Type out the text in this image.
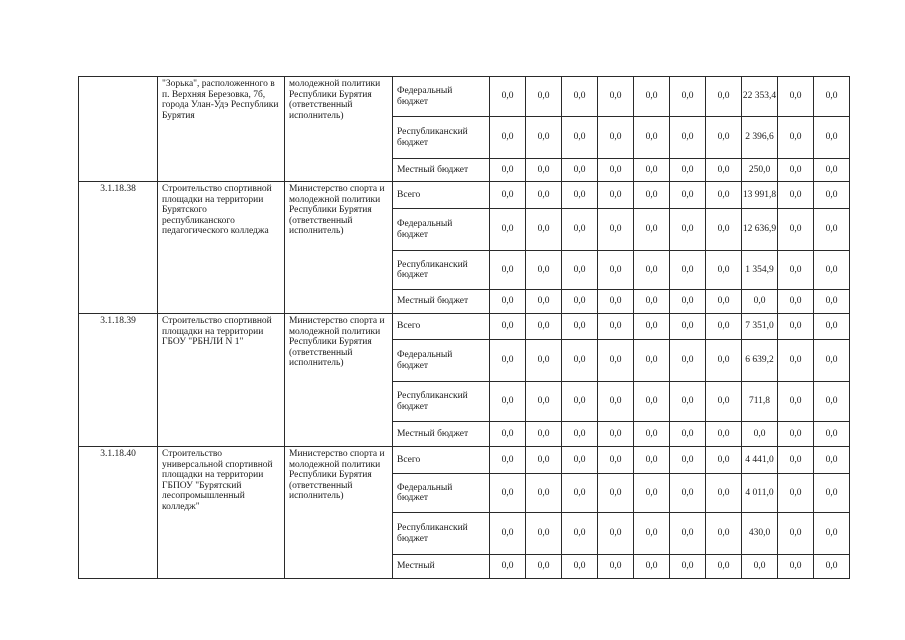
	"Зорька", расположенного в п. Верхняя Березовка, 7б, города Улан-Удэ Республики Бурятия	молодежной политики Республики Бурятия (ответственный исполнитель)	Федеральный бюджет	0,0	0,0	0,0	0,0	0,0	0,0	0,0	22 353,4	0,0	0,0
			Республиканский бюджет	0,0	0,0	0,0	0,0	0,0	0,0	0,0	2 396,6	0,0	0,0
			Местный бюджет	0,0	0,0	0,0	0,0	0,0	0,0	0,0	250,0	0,0	0,0
3.1.18.38	Строительство спортивной площадки на территории Бурятского республиканского педагогического колледжа	Министерство спорта и молодежной политики Республики Бурятия (ответственный исполнитель)	Всего	0,0	0,0	0,0	0,0	0,0	0,0	0,0	13 991,8	0,0	0,0
			Федеральный бюджет	0,0	0,0	0,0	0,0	0,0	0,0	0,0	12 636,9	0,0	0,0
			Республиканский бюджет	0,0	0,0	0,0	0,0	0,0	0,0	0,0	1 354,9	0,0	0,0
			Местный бюджет	0,0	0,0	0,0	0,0	0,0	0,0	0,0	0,0	0,0	0,0
3.1.18.39	Строительство спортивной площадки на территории ГБОУ "РБНЛИ N 1"	Министерство спорта и молодежной политики Республики Бурятия (ответственный исполнитель)	Всего	0,0	0,0	0,0	0,0	0,0	0,0	0,0	7 351,0	0,0	0,0
			Федеральный бюджет	0,0	0,0	0,0	0,0	0,0	0,0	0,0	6 639,2	0,0	0,0
			Республиканский бюджет	0,0	0,0	0,0	0,0	0,0	0,0	0,0	711,8	0,0	0,0
			Местный бюджет	0,0	0,0	0,0	0,0	0,0	0,0	0,0	0,0	0,0	0,0
3.1.18.40	Строительство универсальной спортивной площадки на территории ГБПОУ "Бурятский лесопромышленный колледж"	Министерство спорта и молодежной политики Республики Бурятия (ответственный исполнитель)	Всего	0,0	0,0	0,0	0,0	0,0	0,0	0,0	4 441,0	0,0	0,0
			Федеральный бюджет	0,0	0,0	0,0	0,0	0,0	0,0	0,0	4 011,0	0,0	0,0
			Республиканский бюджет	0,0	0,0	0,0	0,0	0,0	0,0	0,0	430,0	0,0	0,0
			Местный	0,0	0,0	0,0	0,0	0,0	0,0	0,0	0,0	0,0	0,0
